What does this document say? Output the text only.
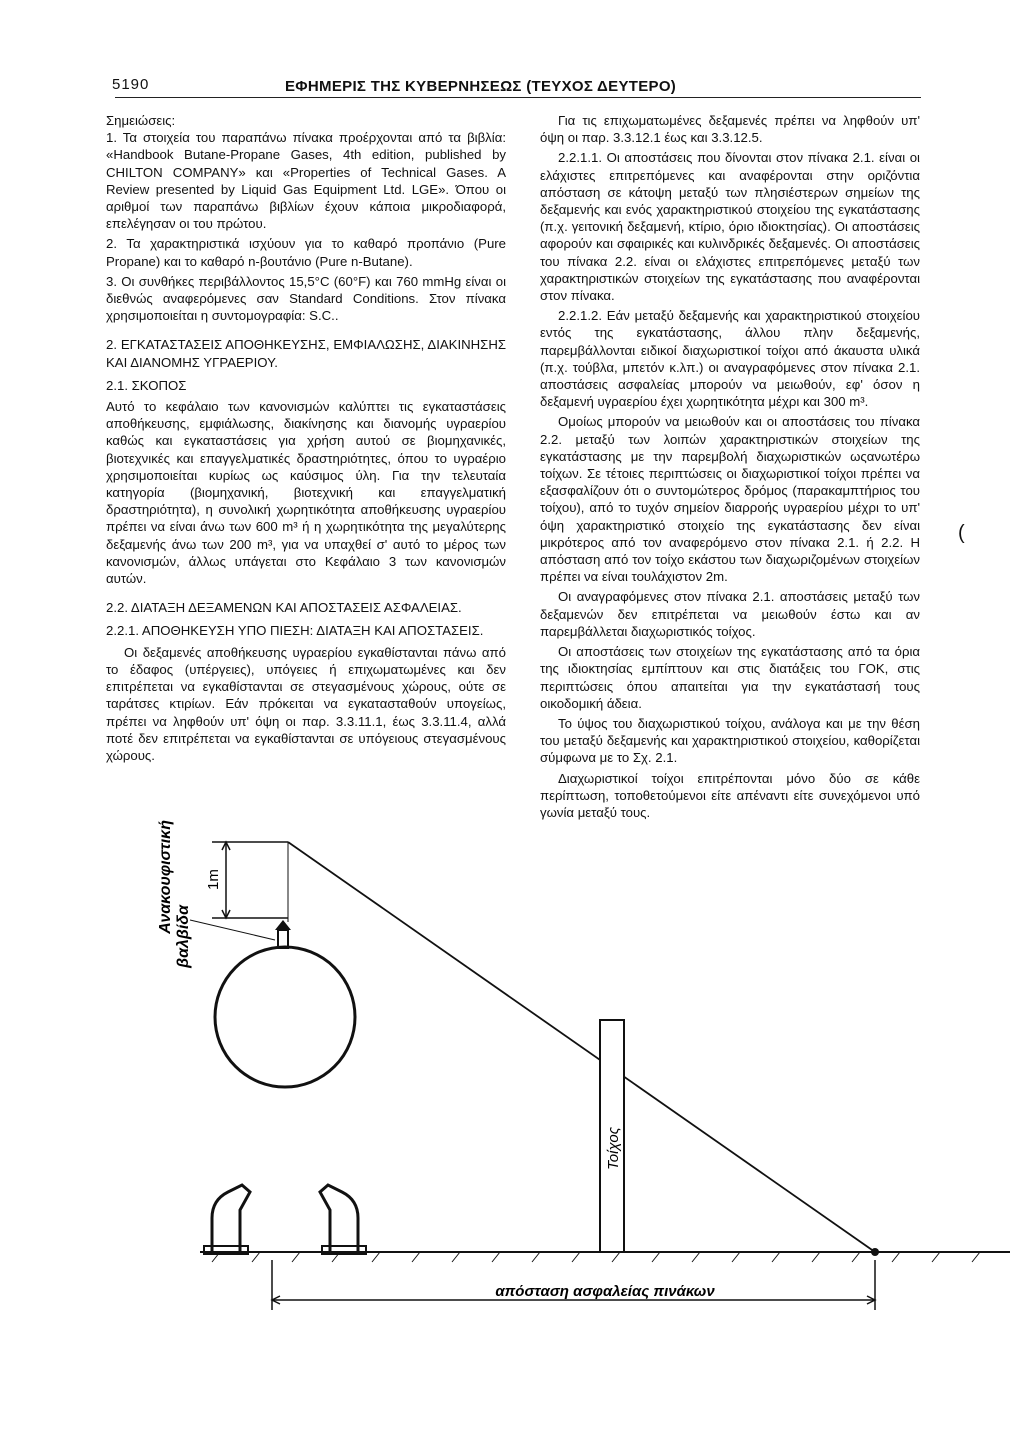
5190	ΕΦΗΜΕΡΙΣ ΤΗΣ ΚΥΒΕΡΝΗΣΕΩΣ (ΤΕΥΧΟΣ ΔΕΥΤΕΡΟ)

Σημειώσεις:

1. Τα στοιχεία του παραπάνω πίνακα προέρχονται από τα βιβλία: «Handbook Butane-Propane Gases, 4th edition, published by CHILTON COMPANY» και «Properties of Technical Gases. A Review presented by Liquid Gas Equipment Ltd. LGE». Όπου οι αριθμοί των παραπάνω βιβλίων έχουν κάποια μικροδιαφορά, επελέγησαν οι του πρώτου.

2. Τα χαρακτηριστικά ισχύουν για το καθαρό προπάνιο (Pure Propane) και το καθαρό n-βουτάνιο (Pure n-Butane).

3. Οι συνθήκες περιβάλλοντος 15,5°C (60°F) και 760 mmHg είναι οι διεθνώς αναφερόμενες σαν Standard Conditions. Στον πίνακα χρησιμοποιείται η συντομογραφία: S.C..

2. ΕΓΚΑΤΑΣΤΑΣΕΙΣ ΑΠΟΘΗΚΕΥΣΗΣ, ΕΜΦΙΑΛΩΣΗΣ, ΔΙΑΚΙΝΗΣΗΣ ΚΑΙ ΔΙΑΝΟΜΗΣ ΥΓΡΑΕΡΙΟΥ.

2.1. ΣΚΟΠΟΣ

Αυτό το κεφάλαιο των κανονισμών καλύπτει τις εγκαταστάσεις αποθήκευσης, εμφιάλωσης, διακίνησης και διανομής υγραερίου καθώς και εγκαταστάσεις για χρήση αυτού σε βιομηχανικές, βιοτεχνικές και επαγγελματικές δραστηριότητες, όπου το υγραέριο χρησιμοποιείται κυρίως ως καύσιμος ύλη. Για την τελευταία κατηγορία (βιομηχανική, βιοτεχνική και επαγγελματική δραστηριότητα), η συνολική χωρητικότητα αποθήκευσης υγραερίου πρέπει να είναι άνω των 600 m³ ή η χωρητικότητα της μεγαλύτερης δεξαμενής άνω των 200 m³, για να υπαχθεί σ' αυτό το μέρος των κανονισμών, άλλως υπάγεται στο Κεφάλαιο 3 των κανονισμών αυτών.

2.2. ΔΙΑΤΑΞΗ ΔΕΞΑΜΕΝΩΝ ΚΑΙ ΑΠΟΣΤΑΣΕΙΣ ΑΣΦΑΛΕΙΑΣ.

2.2.1. ΑΠΟΘΗΚΕΥΣΗ ΥΠΟ ΠΙΕΣΗ: ΔΙΑΤΑΞΗ ΚΑΙ ΑΠΟΣΤΑΣΕΙΣ.

Οι δεξαμενές αποθήκευσης υγραερίου εγκαθίστανται πάνω από το έδαφος (υπέργειες), υπόγειες ή επιχωματωμένες και δεν επιτρέπεται να εγκαθίστανται σε στεγασμένους χώρους, ούτε σε ταράτσες κτιρίων. Εάν πρόκειται να εγκατασταθούν υπογείως, πρέπει να ληφθούν υπ' όψη οι παρ. 3.3.11.1, έως 3.3.11.4, αλλά ποτέ δεν επιτρέπεται να εγκαθίστανται σε υπόγειους στεγασμένους χώρους.

Για τις επιχωματωμένες δεξαμενές πρέπει να ληφθούν υπ' όψη οι παρ. 3.3.12.1 έως και 3.3.12.5.

2.2.1.1. Οι αποστάσεις που δίνονται στον πίνακα 2.1. είναι οι ελάχιστες επιτρεπόμενες και αναφέρονται στην οριζόντια απόσταση σε κάτοψη μεταξύ των πλησιέστερων σημείων της δεξαμενής και ενός χαρακτηριστικού στοιχείου της εγκατάστασης (π.χ. γειτονική δεξαμενή, κτίριο, όριο ιδιοκτησίας). Οι αποστάσεις αφορούν και σφαιρικές και κυλινδρικές δεξαμενές. Οι αποστάσεις του πίνακα 2.2. είναι οι ελάχιστες επιτρεπόμενες μεταξύ των χαρακτηριστικών στοιχείων της εγκατάστασης που αναφέρονται στον πίνακα.

2.2.1.2. Εάν μεταξύ δεξαμενής και χαρακτηριστικού στοιχείου εντός της εγκατάστασης, άλλου πλην δεξαμενής, παρεμβάλλονται ειδικοί διαχωριστικοί τοίχοι από άκαυστα υλικά (π.χ. τούβλα, μπετόν κ.λπ.) οι αναγραφόμενες στον πίνακα 2.1. αποστάσεις ασφαλείας μπορούν να μειωθούν, εφ' όσον η δεξαμενή υγραερίου έχει χωρητικότητα μέχρι και 300 m³.

Ομοίως μπορούν να μειωθούν και οι αποστάσεις του πίνακα 2.2. μεταξύ των λοιπών χαρακτηριστικών στοιχείων της εγκατάστασης με την παρεμβολή διαχωριστικών ωςανωτέρω τοίχων. Σε τέτοιες περιπτώσεις οι διαχωριστικοί τοίχοι πρέπει να εξασφαλίζουν ότι ο συντομώτερος δρόμος (παρακαμπτήριος του τοίχου), από το τυχόν σημείον διαρροής υγραερίου μέχρι το υπ' όψη χαρακτηριστικό στοιχείο της εγκατάστασης δεν είναι μικρότερος από τον αναφερόμενο στον πίνακα 2.1. ή 2.2. Η απόσταση από τον τοίχο εκάστου των διαχωριζομένων στοιχείων πρέπει να είναι τουλάχιστον 2m.

Οι αναγραφόμενες στον πίνακα 2.1. αποστάσεις μεταξύ των δεξαμενών δεν επιτρέπεται να μειωθούν έστω και αν παρεμβάλλεται διαχωριστικός τοίχος.

Οι αποστάσεις των στοιχείων της εγκατάστασης από τα όρια της ιδιοκτησίας εμπίπτουν και στις διατάξεις του ΓΟΚ, στις περιπτώσεις όπου απαιτείται για την εγκατάστασή τους οικοδομική άδεια.

Το ύψος του διαχωριστικού τοίχου, ανάλογα και με την θέση του μεταξύ δεξαμενής και χαρακτηριστικού στοιχείου, καθορίζεται σύμφωνα με το Σχ. 2.1.

Διαχωριστικοί τοίχοι επιτρέπονται μόνο δύο σε κάθε περίπτωση, τοποθετούμενοι είτε απέναντι είτε συνεχόμενοι υπό γωνία μεταξύ τους.

(
1m
Ανακουφιστική
βαλβίδα
Τοίχος
απόσταση ασφαλείας πινάκων
